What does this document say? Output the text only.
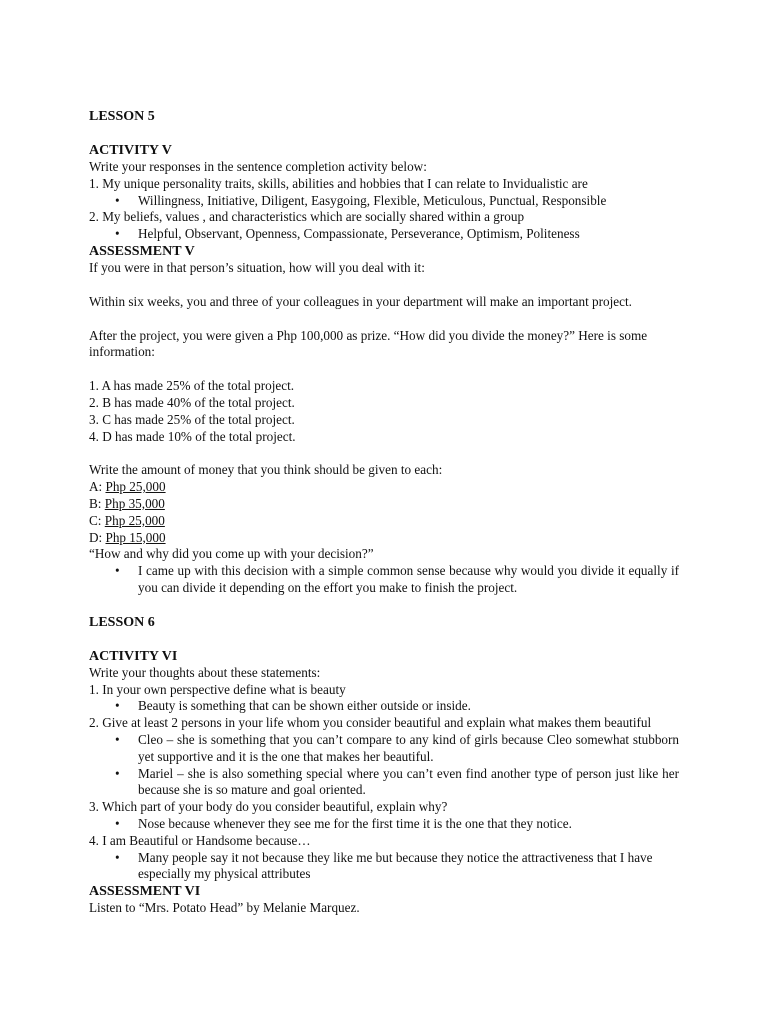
LESSON 5
ACTIVITY V
Write your responses in the sentence completion activity below:
1. My unique personality traits, skills, abilities and hobbies that I can relate to Invidualistic are
• Willingness, Initiative, Diligent, Easygoing, Flexible, Meticulous, Punctual, Responsible
2. My beliefs, values , and characteristics which are socially shared within a group
• Helpful, Observant, Openness, Compassionate, Perseverance, Optimism, Politeness
ASSESSMENT V
If you were in that person’s situation, how will you deal with it:
Within six weeks, you and three of your colleagues in your department will make an important project.
After the project, you were given a Php 100,000 as prize. “How did you divide the money?” Here is some information:
1. A has made 25% of the total project.
2. B has made 40% of the total project.
3. C has made 25% of the total project.
4. D has made 10% of the total project.
Write the amount of money that you think should be given to each:
A: Php 25,000
B: Php 35,000
C: Php 25,000
D: Php 15,000
“How and why did you come up with your decision?”
• I came up with this decision with a simple common sense because why would you divide it equally if you can divide it depending on the effort you make to finish the project.
LESSON 6
ACTIVITY VI
Write your thoughts about these statements:
1. In your own perspective define what is beauty
• Beauty is something that can be shown either outside or inside.
2. Give at least 2 persons in your life whom you consider beautiful and explain what makes them beautiful
• Cleo – she is something that you can’t compare to any kind of girls because Cleo somewhat stubborn yet supportive and it is the one that makes her beautiful.
• Mariel – she is also something special where you can’t even find another type of person just like her because she is so mature and goal oriented.
3. Which part of your body do you consider beautiful, explain why?
• Nose because whenever they see me for the first time it is the one that they notice.
4. I am Beautiful or Handsome because…
• Many people say it not because they like me but because they notice the attractiveness that I have especially my physical attributes
ASSESSMENT VI
Listen to “Mrs. Potato Head” by Melanie Marquez.
